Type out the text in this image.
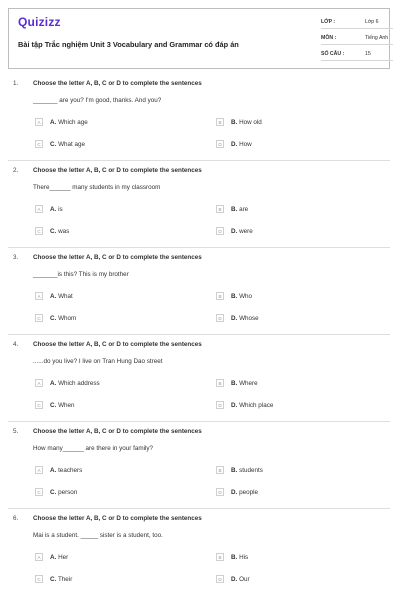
Quizizz
Bài tập Trắc nghiệm Unit 3 Vocabulary and Grammar có đáp án
LỚP :	Lớp 6
MÔN :	Tiếng Anh
SỐ CÂU :	15
1. Choose the letter A, B, C or D to complete the sentences
_______ are you? I'm good, thanks. And you?
A	A. Which age	B	B. How old
C	C. What age	D	D. How
2. Choose the letter A, B, C or D to complete the sentences
There______ many students in my classroom
A	A. is	B	B. are
C	C. was	D	D. were
3. Choose the letter A, B, C or D to complete the sentences
_______is this? This is my brother
A	A. What	B	B. Who
C	C. Whom	D	D. Whose
4. Choose the letter A, B, C or D to complete the sentences
......do you live? I live on Tran Hung Dao street
A	A. Which address	B	B. Where
C	C. When	D	D. Which place
5. Choose the letter A, B, C or D to complete the sentences
How many______ are there in your family?
A	A. teachers	B	B. students
C	C. person	D	D. people
6. Choose the letter A, B, C or D to complete the sentences
Mai is a student. _____ sister is a student, too.
A	A. Her	B	B. His
C	C. Their	D	D. Our
